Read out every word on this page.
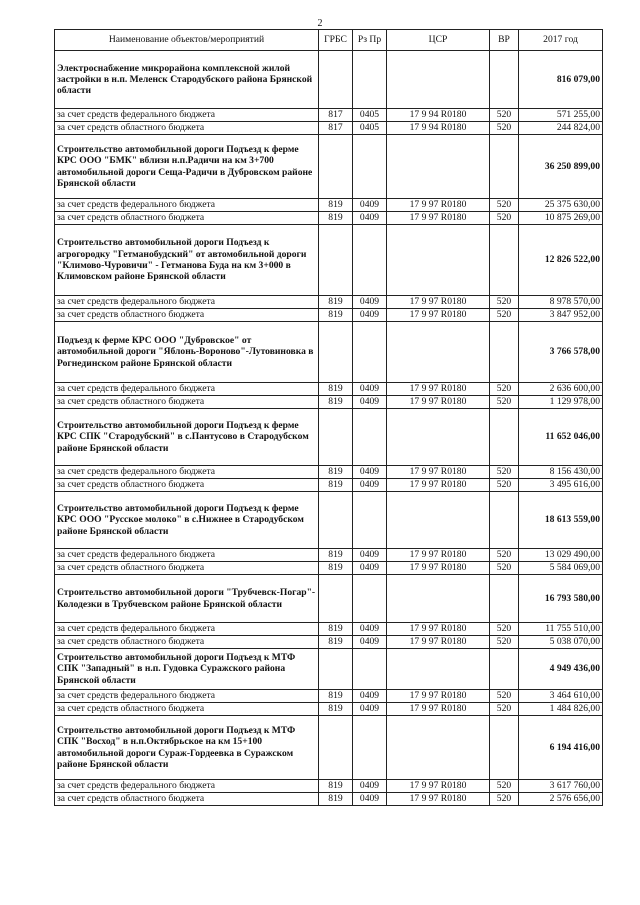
2
Наименование объектов/мероприятий	ГРБС	Рз Пр	ЦСР	ВР	2017 год
Электроснабжение микрорайона комплексной жилой застройки в н.п. Меленск Стародубского района Брянской области					816 079,00
за счет средств федерального бюджета	817	0405	17 9 94 R0180	520	571 255,00
за счет средств областного бюджета	817	0405	17 9 94 R0180	520	244 824,00
Строительство автомобильной дороги Подъезд к ферме КРС ООО "БМК" вблизи н.п.Радичи на км 3+700 автомобильной дороги Сеща-Радичи в Дубровском районе Брянской области					36 250 899,00
за счет средств федерального бюджета	819	0409	17 9 97 R0180	520	25 375 630,00
за счет средств областного бюджета	819	0409	17 9 97 R0180	520	10 875 269,00
Строительство автомобильной дороги Подъезд к агрогородку "Гетманобудский" от автомобильной дороги "Климово-Чуровичи" - Гетманова Буда на км 3+000 в Климовском районе Брянской области					12 826 522,00
за счет средств федерального бюджета	819	0409	17 9 97 R0180	520	8 978 570,00
за счет средств областного бюджета	819	0409	17 9 97 R0180	520	3 847 952,00
Подъезд к ферме КРС ООО "Дубровское" от автомобильной дороги "Яблонь-Вороново"-Лутовиновка в Рогнединском районе Брянской области					3 766 578,00
за счет средств федерального бюджета	819	0409	17 9 97 R0180	520	2 636 600,00
за счет средств областного бюджета	819	0409	17 9 97 R0180	520	1 129 978,00
Строительство автомобильной дороги Подъезд к ферме КРС СПК "Стародубский" в с.Пантусово в Стародубском районе Брянской области					11 652 046,00
за счет средств федерального бюджета	819	0409	17 9 97 R0180	520	8 156 430,00
за счет средств областного бюджета	819	0409	17 9 97 R0180	520	3 495 616,00
Строительство автомобильной дороги Подъезд к ферме КРС ООО "Русское молоко" в с.Нижнее в Стародубском районе Брянской области					18 613 559,00
за счет средств федерального бюджета	819	0409	17 9 97 R0180	520	13 029 490,00
за счет средств областного бюджета	819	0409	17 9 97 R0180	520	5 584 069,00
Строительство автомобильной дороги "Трубчевск-Погар"-Колодезки в Трубчевском районе Брянской области					16 793 580,00
за счет средств федерального бюджета	819	0409	17 9 97 R0180	520	11 755 510,00
за счет средств областного бюджета	819	0409	17 9 97 R0180	520	5 038 070,00
Строительство автомобильной дороги Подъезд к МТФ СПК "Западный" в н.п. Гудовка Суражского района Брянской области					4 949 436,00
за счет средств федерального бюджета	819	0409	17 9 97 R0180	520	3 464 610,00
за счет средств областного бюджета	819	0409	17 9 97 R0180	520	1 484 826,00
Строительство автомобильной дороги Подъезд к МТФ СПК "Восход" в н.п.Октябрьское на км 15+100 автомобильной дороги Сураж-Гордеевка в Суражском районе Брянской области					6 194 416,00
за счет средств федерального бюджета	819	0409	17 9 97 R0180	520	3 617 760,00
за счет средств областного бюджета	819	0409	17 9 97 R0180	520	2 576 656,00
